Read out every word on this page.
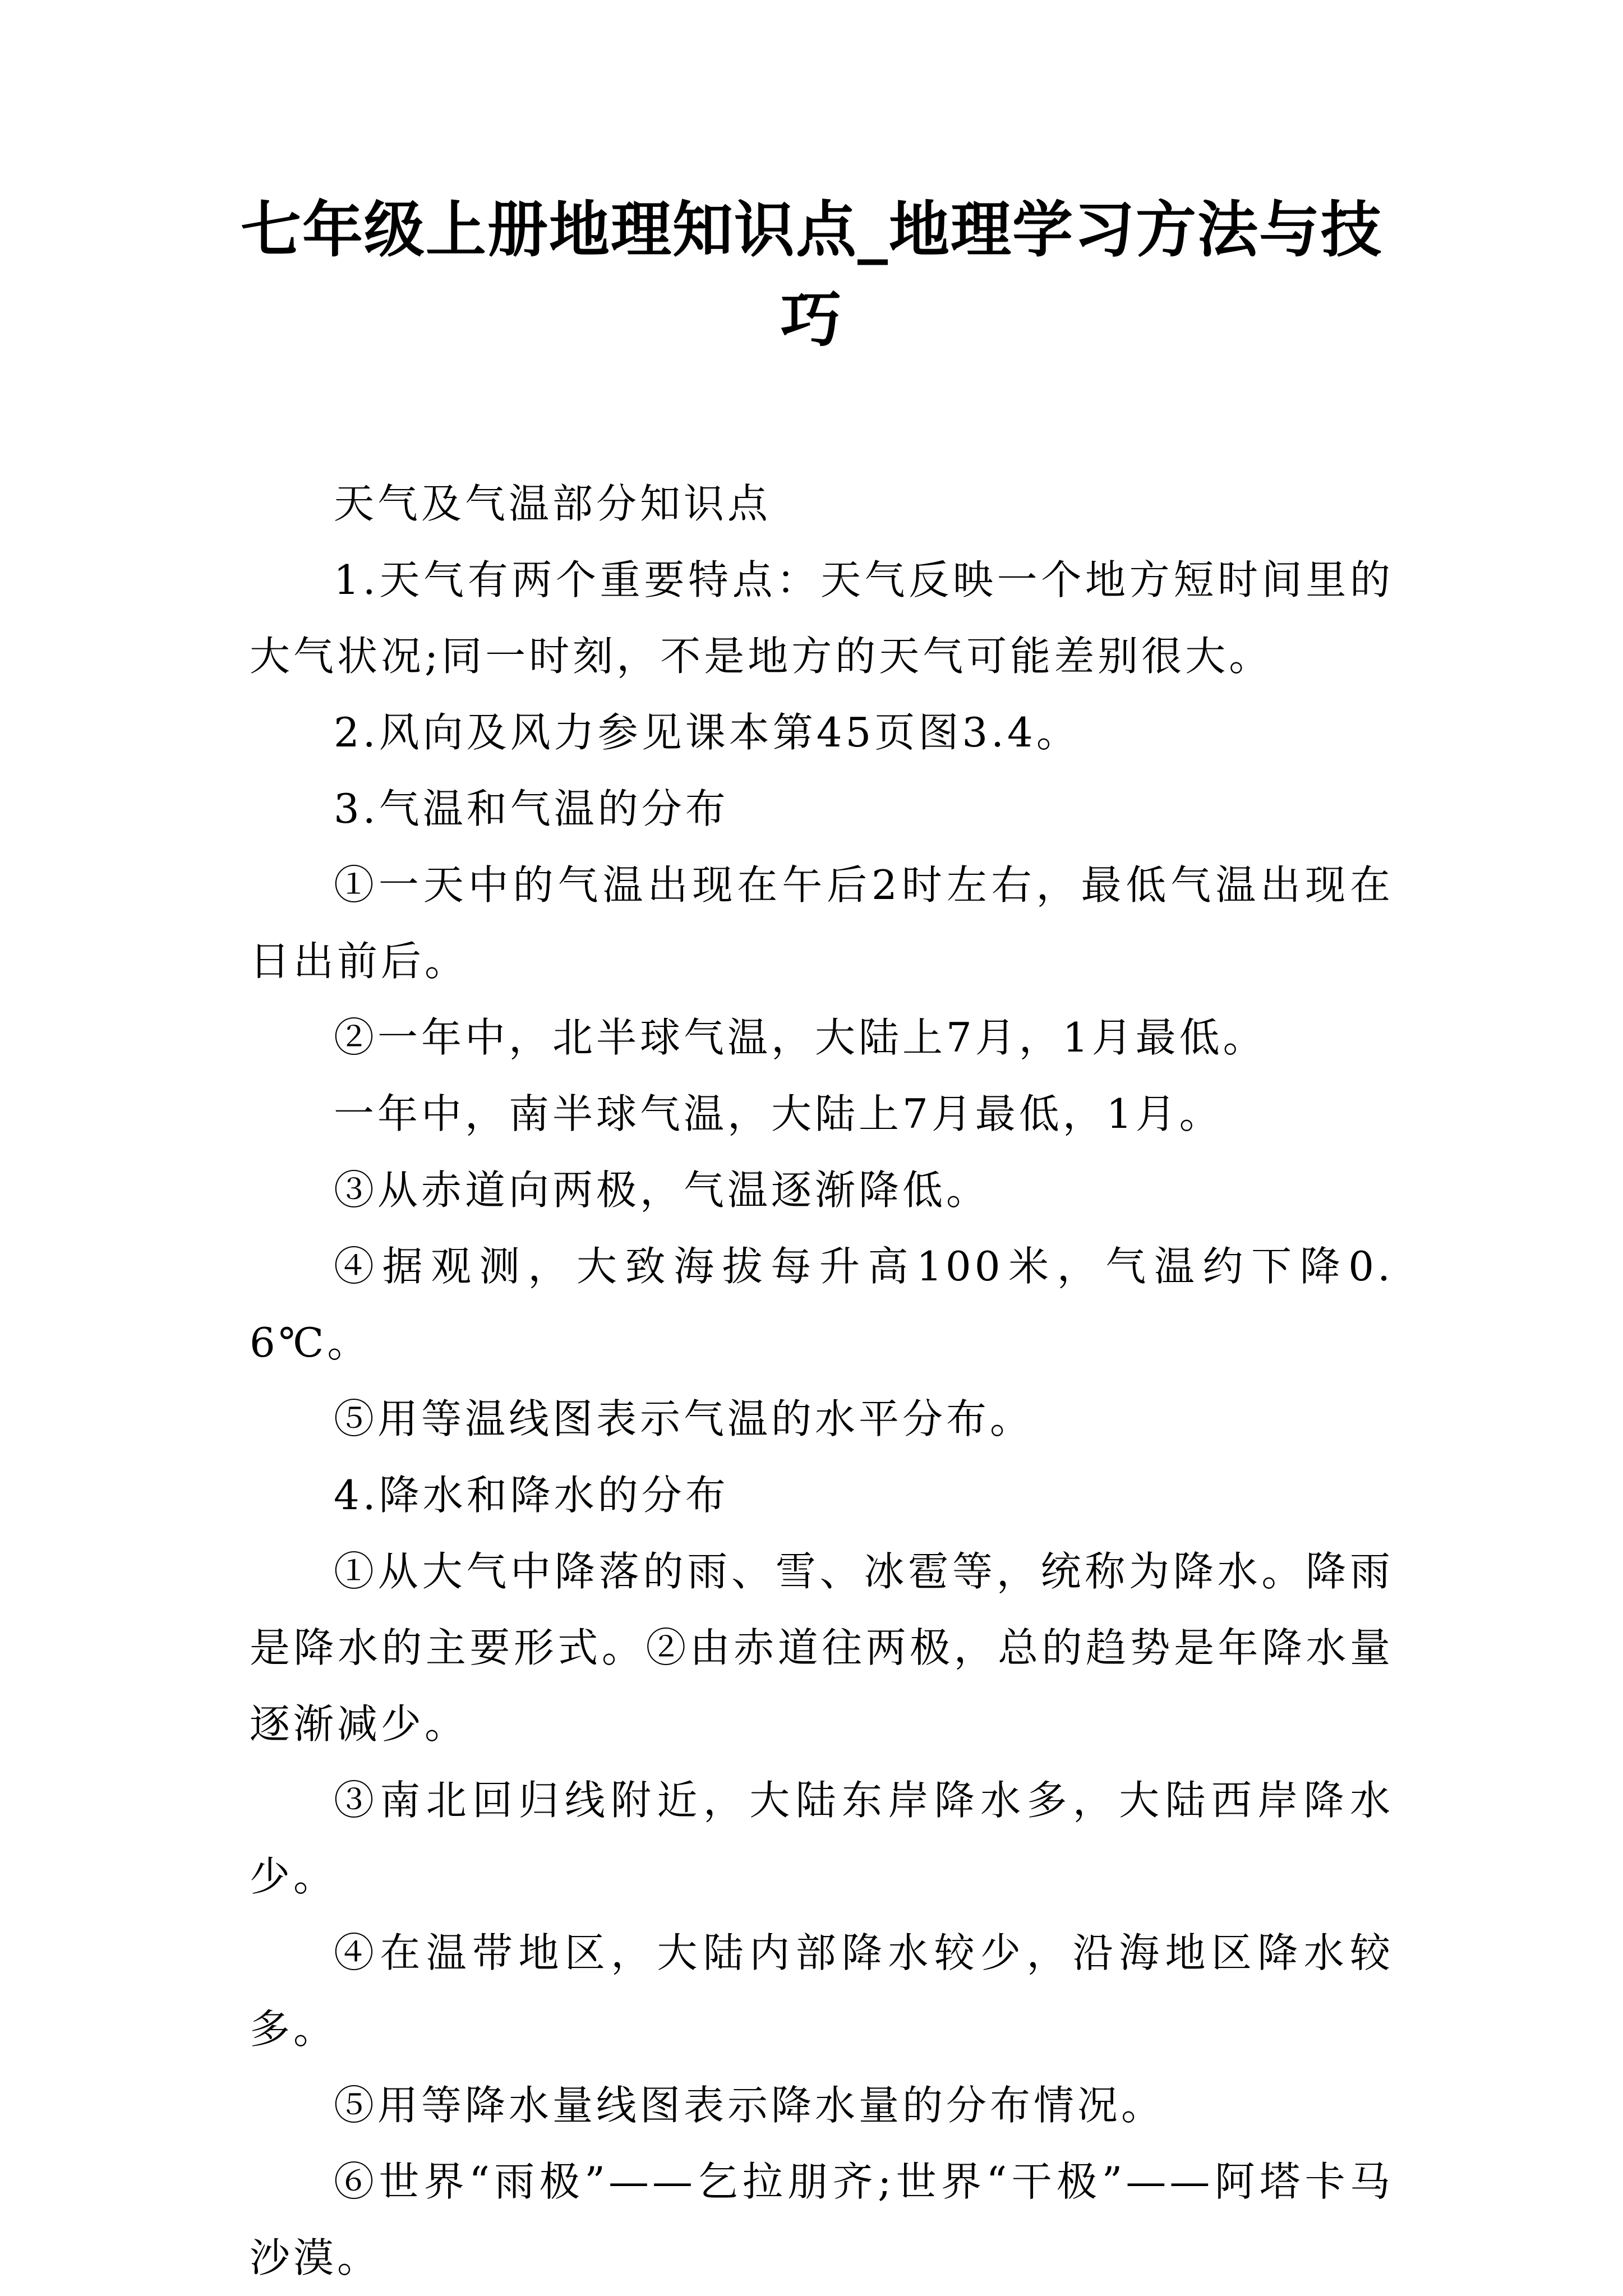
七年级上册地理知识点_地理学习方法与技巧

天气及气温部分知识点

1.天气有两个重要特点：天气反映一个地方短时间里的大气状况;同一时刻，不是地方的天气可能差别很大。

2.风向及风力参见课本第45页图3.4。

3.气温和气温的分布

①一天中的气温出现在午后2时左右，最低气温出现在日出前后。

②一年中，北半球气温，大陆上7月，1月最低。

一年中，南半球气温，大陆上7月最低，1月。

③从赤道向两极，气温逐渐降低。

④据观测，大致海拔每升高100米，气温约下降0.6℃。

⑤用等温线图表示气温的水平分布。

4.降水和降水的分布

①从大气中降落的雨、雪、冰雹等，统称为降水。降雨是降水的主要形式。②由赤道往两极，总的趋势是年降水量逐渐减少。

③南北回归线附近，大陆东岸降水多，大陆西岸降水少。

④在温带地区，大陆内部降水较少，沿海地区降水较多。

⑤用等降水量线图表示降水量的分布情况。

⑥世界“雨极”——乞拉朋齐;世界“干极”——阿塔卡马沙漠。
